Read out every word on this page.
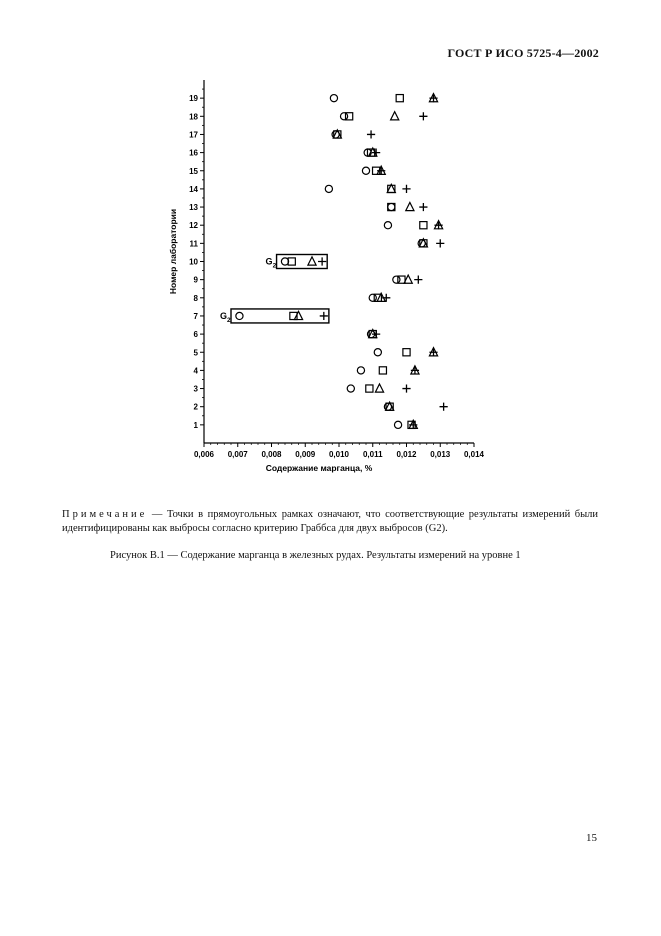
ГОСТ Р ИСО 5725-4—2002
1
2
3
4
5
6
7
8
9
10
11
12
13
14
15
16
17
18
19
0,006 0,007 0,008 0,009 0,010 0,011 0,012 0,013 0,014
Содержание марганца, %
Номер лаборатории	G 2
G 2
Примечание — Точки в прямоугольных рамках означают, что соответствующие результаты измерений были идентифицированы как выбросы согласно критерию Граббса для двух выбросов (G2).
Рисунок В.1 — Содержание марганца в железных рудах. Результаты измерений на уровне 1
15
